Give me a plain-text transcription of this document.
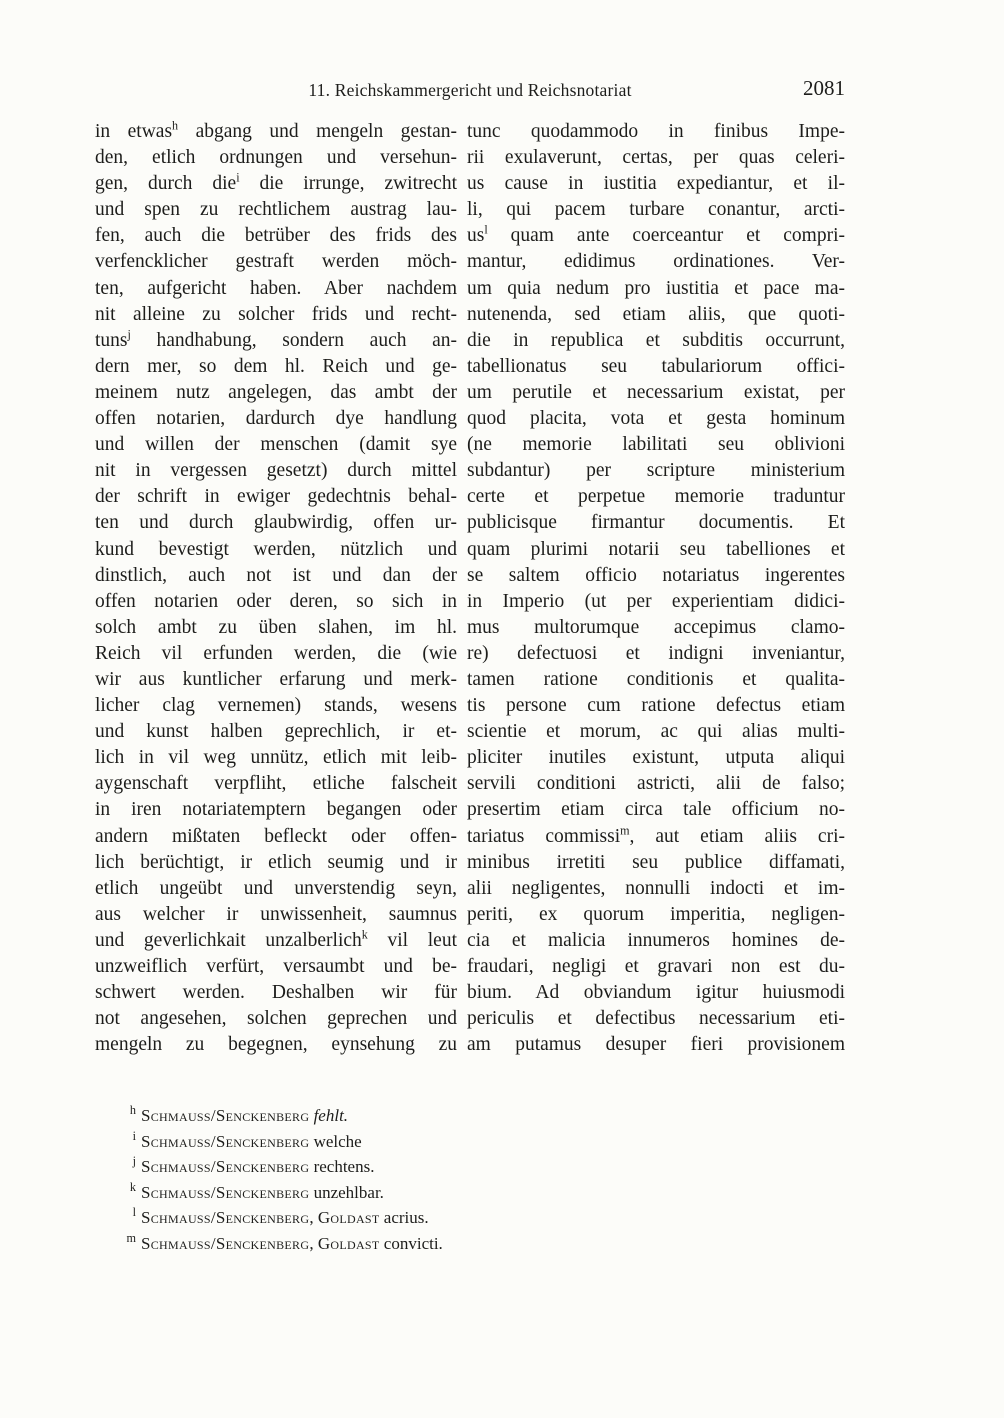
11. Reichskammergericht und Reichsnotariat	2081
in etwas$^h$ abgang und mengeln gestan-
den, etlich ordnungen und versehun-
gen, durch die$^i$ die irrunge, zwitrecht
und spen zu rechtlichem austrag lau-
fen, auch die betrüber des frids des
verfencklicher gestraft werden möch-
ten, aufgericht haben. Aber nachdem
nit alleine zu solcher frids und recht-
tuns$^j$ handhabung, sondern auch an-
dern mer, so dem hl. Reich und ge-
meinem nutz angelegen, das ambt der
offen notarien, dardurch dye handlung
und willen der menschen (damit sye
nit in vergessen gesetzt) durch mittel
der schrift in ewiger gedechtnis behal-
ten und durch glaubwirdig, offen ur-
kund bevestigt werden, nützlich und
dinstlich, auch not ist und dan der
offen notarien oder deren, so sich in
solch ambt zu üben slahen, im hl.
Reich vil erfunden werden, die (wie
wir aus kuntlicher erfarung und merk-
licher clag vernemen) stands, wesens
und kunst halben geprechlich, ir et-
lich in vil weg unnütz, etlich mit leib-
aygenschaft verpfliht, etliche falscheit
in iren notariatemptern begangen oder
andern mißtaten befleckt oder offen-
lich berüchtigt, ir etlich seumig und ir
etlich ungeübt und unverstendig seyn,
aus welcher ir unwissenheit, saumnus
und geverlichkait unzalberlich$^k$ vil leut
unzweiflich verfürt, versaumbt und be-
schwert werden. Deshalben wir für
not angesehen, solchen geprechen und
mengeln zu begegnen, eynsehung zu
tunc quodammodo in finibus Impe-
rii exulaverunt, certas, per quas celeri-
us cause in iustitia expediantur, et il-
li, qui pacem turbare conantur, arcti-
$us^l$ quam ante coerceantur et compri-
mantur, edidimus ordinationes. Ver-
um quia nedum pro iustitia et pace ma-
nutenenda, sed etiam aliis, que quoti-
die in republica et subditis occurrunt,
tabellionatus seu tabulariorum offici-
um perutile et necessarium existat, per
quod placita, vota et gesta hominum
(ne memorie labilitati seu oblivioni
subdantur) per scripture ministerium
certe et perpetue memorie traduntur
publicisque firmantur documentis. Et
quam plurimi notarii seu tabelliones et
se saltem officio notariatus ingerentes
in Imperio (ut per experientiam didici-
mus multorumque accepimus clamo-
re) defectuosi et indigni inveniantur,
tamen ratione conditionis et qualita-
tis persone cum ratione defectus etiam
scientie et morum, ac qui alias multi-
pliciter inutiles existunt, utputa aliqui
servili conditioni astricti, alii de falso;
presertim etiam circa tale officium no-
tariatus commissi$^m$, aut etiam aliis cri-
minibus irretiti seu publice diffamati,
alii negligentes, nonnulli indocti et im-
periti, ex quorum imperitia, negligen-
cia et malicia innumeros homines de-
fraudari, negligi et gravari non est du-
bium. Ad obviandum igitur huiusmodi
periculis et defectibus necessarium eti-
am putamus desuper fieri provisionem
$^h$ Schmauss/Senckenberg fehlt.
$^i$ Schmauss/Senckenberg welche
$^j$ Schmauss/Senckenberg rechtens.
$^k$ Schmauss/Senckenberg unzehlbar.
$^l$ Schmauss/Senckenberg, Goldast acrius.
$^m$ Schmauss/Senckenberg, Goldast convicti.
